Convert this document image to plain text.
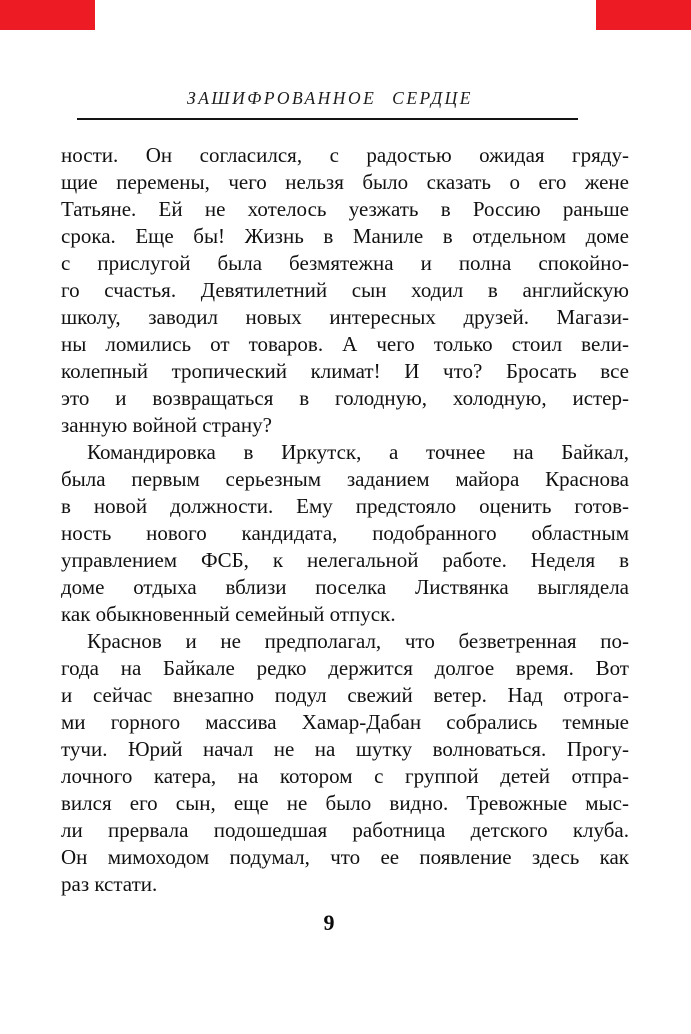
ЗАШИФРОВАННОЕ СЕРДЦЕ
ности. Он согласился, с радостью ожидая гряду-
щие перемены, чего нельзя было сказать о его жене
Татьяне. Ей не хотелось уезжать в Россию раньше
срока. Еще бы! Жизнь в Маниле в отдельном доме
с прислугой была безмятежна и полна спокойно-
го счастья. Девятилетний сын ходил в английскую
школу, заводил новых интересных друзей. Магази-
ны ломились от товаров. А чего только стоил вели-
колепный тропический климат! И что? Бросать все
это и возвращаться в голодную, холодную, истер-
занную войной страну?
Командировка в Иркутск, а точнее на Байкал,
была первым серьезным заданием майора Краснова
в новой должности. Ему предстояло оценить готов-
ность нового кандидата, подобранного областным
управлением ФСБ, к нелегальной работе. Неделя в
доме отдыха вблизи поселка Листвянка выглядела
как обыкновенный семейный отпуск.
Краснов и не предполагал, что безветренная по-
года на Байкале редко держится долгое время. Вот
и сейчас внезапно подул свежий ветер. Над отрога-
ми горного массива Хамар-Дабан собрались темные
тучи. Юрий начал не на шутку волноваться. Прогу-
лочного катера, на котором с группой детей отпра-
вился его сын, еще не было видно. Тревожные мыс-
ли прервала подошедшая работница детского клуба.
Он мимоходом подумал, что ее появление здесь как
раз кстати.
9
